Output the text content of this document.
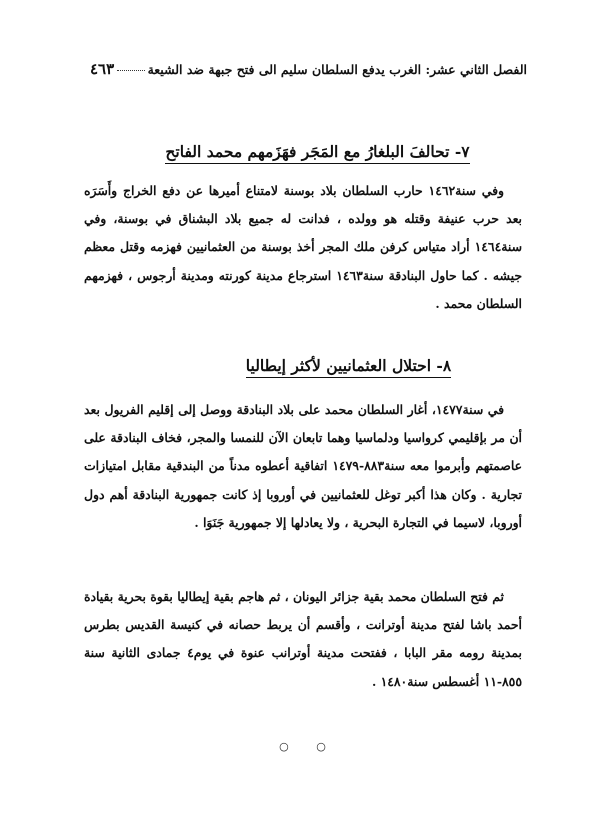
الفصل الثاني عشر: الغرب يدفع السلطان سليم الى فتح جبهة ضد الشيعة
٤٦٣
٧- تحالفَ البلغارُ مع المَجَر فهَزَمهم محمد الفاتح

وفي سنة١٤٦٢ حارب السلطان بلاد بوسنة لامتناع أميرها عن دفع الخراج وأَسَرَه بعد حرب عنيفة وقتله هو وولده ، فدانت له جميع بلاد البشناق في بوسنة، وفي سنة١٤٦٤ أراد متياس كرفن ملك المجر أخذ بوسنة من العثمانيين فهزمه وقتل معظم جيشه . كما حاول البنادقة سنة١٤٦٣ استرجاع مدينة كورنته ومدينة أرجوس ، فهزمهم السلطان محمد .

٨- احتلال العثمانيين لأكثر إيطاليا

في سنة١٤٧٧، أغار السلطان محمد على بلاد البنادقة ووصل إلى إقليم الفريول بعد أن مر بإقليمي كرواسيا ودلماسيا وهما تابعان الآن للنمسا والمجر، فخاف البنادقة على عاصمتهم وأبرموا معه سنة٨٨٣-١٤٧٩ اتفاقية أعطوه مدناً من البندقية مقابل امتيازات تجارية . وكان هذا أكبر توغل للعثمانيين في أوروبا إذ كانت جمهورية البنادقة أهم دول أوروبا، لاسيما في التجارة البحرية ، ولا يعادلها إلا جمهورية جَنَوَا .

ثم فتح السلطان محمد بقية جزائر اليونان ، ثم هاجم بقية إيطاليا بقوة بحرية بقيادة أحمد باشا لفتح مدينة أوترانت ، وأقسم أن يربط حصانه في كنيسة القديس بطرس بمدينة رومه مقر البابا ، ففتحت مدينة أوترانب عنوة في يوم٤ جمادى الثانية سنة ٨٥٥-١١ أغسطس سنة١٤٨٠ .

○ ○
